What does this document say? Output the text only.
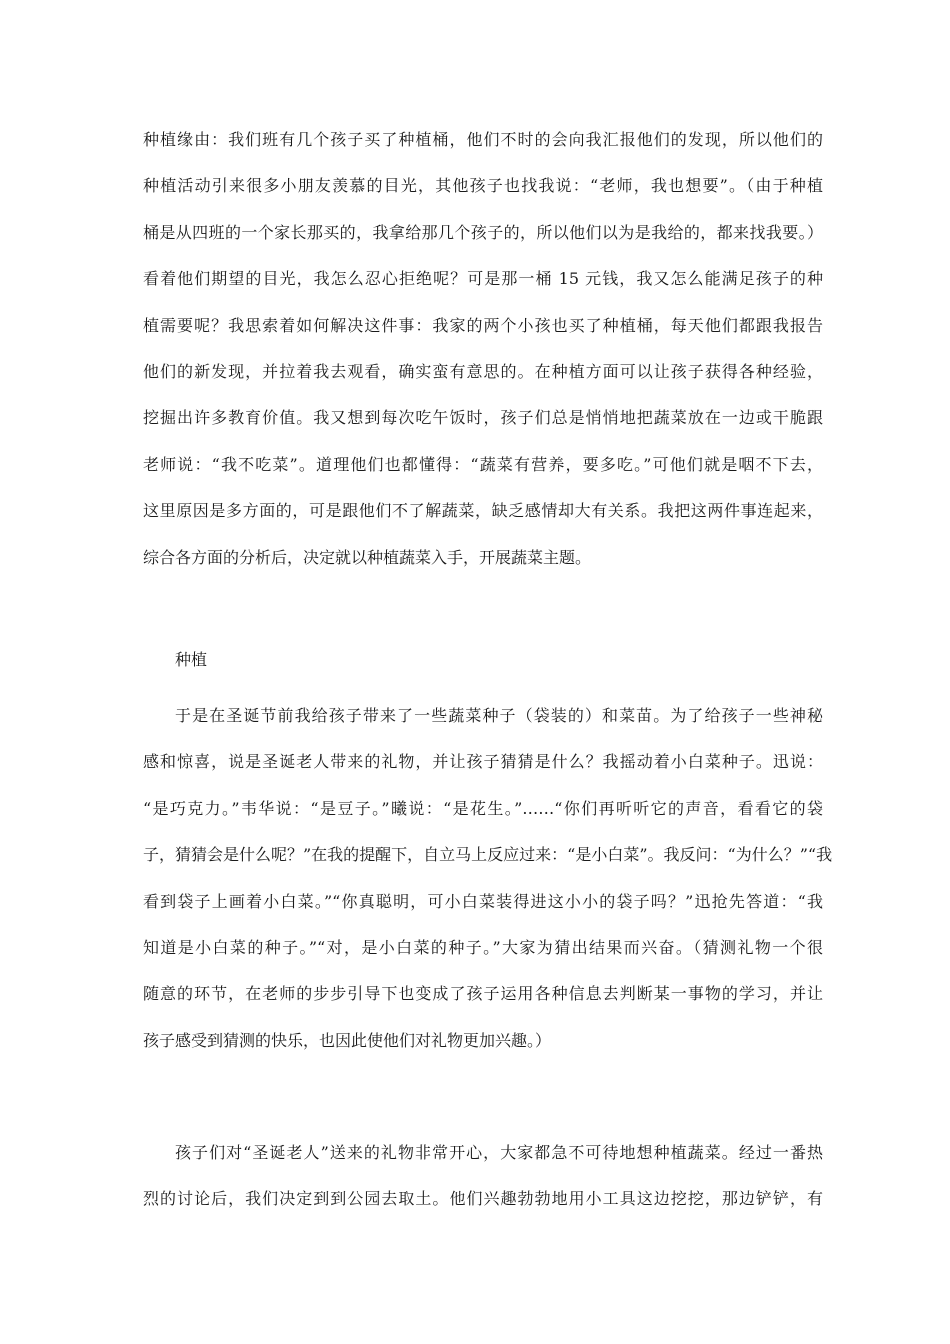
种植缘由：我们班有几个孩子买了种植桶，他们不时的会向我汇报他们的发现，所以他们的
种植活动引来很多小朋友羡慕的目光，其他孩子也找我说：“老师，我也想要”。（由于种植
桶是从四班的一个家长那买的，我拿给那几个孩子的，所以他们以为是我给的，都来找我要。）
看着他们期望的目光，我怎么忍心拒绝呢？可是那一桶 15 元钱，我又怎么能满足孩子的种
植需要呢？我思索着如何解决这件事：我家的两个小孩也买了种植桶，每天他们都跟我报告
他们的新发现，并拉着我去观看，确实蛮有意思的。在种植方面可以让孩子获得各种经验，
挖掘出许多教育价值。我又想到每次吃午饭时，孩子们总是悄悄地把蔬菜放在一边或干脆跟
老师说：“我不吃菜”。道理他们也都懂得：“蔬菜有营养，要多吃。”可他们就是咽不下去，
这里原因是多方面的，可是跟他们不了解蔬菜，缺乏感情却大有关系。我把这两件事连起来，
综合各方面的分析后，决定就以种植蔬菜入手，开展蔬菜主题。
种植
于是在圣诞节前我给孩子带来了一些蔬菜种子（袋装的）和菜苗。为了给孩子一些神秘
感和惊喜，说是圣诞老人带来的礼物，并让孩子猜猜是什么？我摇动着小白菜种子。迅说：
“是巧克力。”韦华说：“是豆子。”曦说：“是花生。”……“你们再听听它的声音，看看它的袋
子，猜猜会是什么呢？”在我的提醒下，自立马上反应过来：“是小白菜”。我反问：“为什么？”“我
看到袋子上画着小白菜。”“你真聪明，可小白菜装得进这小小的袋子吗？”迅抢先答道：“我
知道是小白菜的种子。”“对，是小白菜的种子。”大家为猜出结果而兴奋。（猜测礼物一个很
随意的环节，在老师的步步引导下也变成了孩子运用各种信息去判断某一事物的学习，并让
孩子感受到猜测的快乐，也因此使他们对礼物更加兴趣。）
孩子们对“圣诞老人”送来的礼物非常开心，大家都急不可待地想种植蔬菜。经过一番热
烈的讨论后，我们决定到到公园去取土。他们兴趣勃勃地用小工具这边挖挖，那边铲铲，有
